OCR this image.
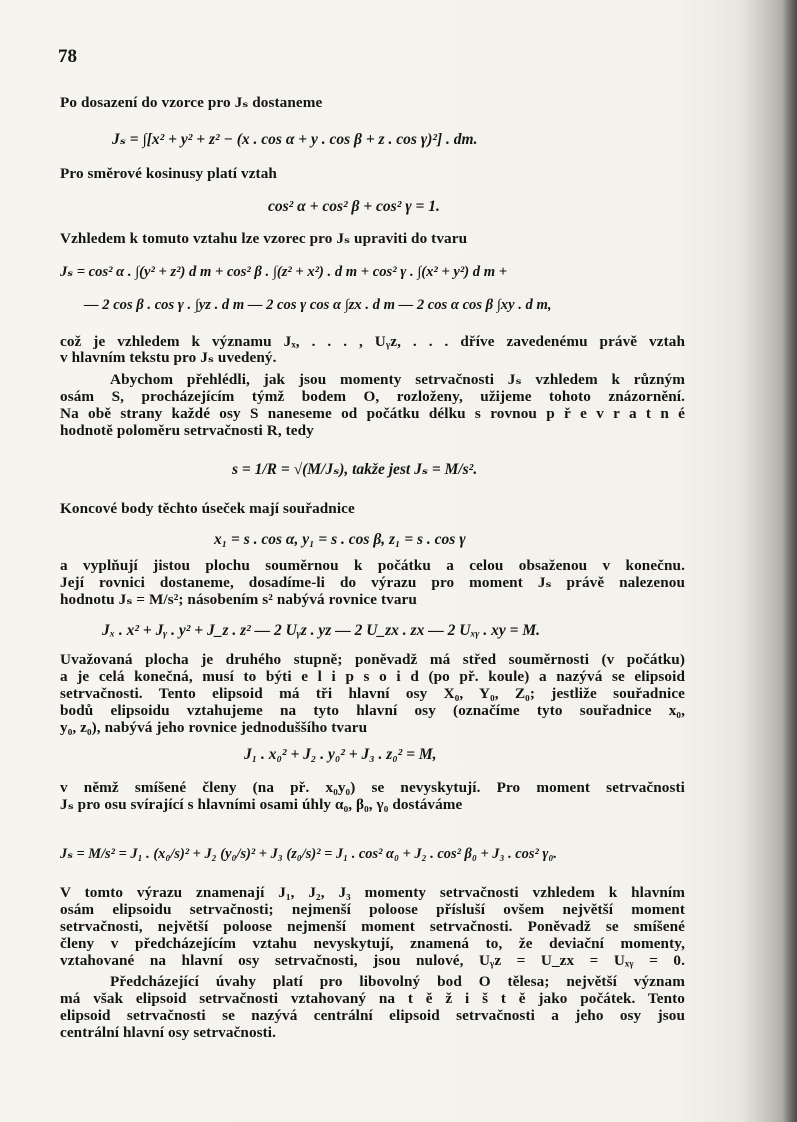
78
Po dosazení do vzorce pro Jₛ dostaneme
Jₛ = ∫[x² + y² + z² − (x . cos α + y . cos β + z . cos γ)²] . dm.
Pro směrové kosinusy platí vztah
cos² α + cos² β + cos² γ = 1.
Vzhledem k tomuto vztahu lze vzorec pro Jₛ upraviti do tvaru
Jₛ = cos² α . ∫(y² + z²) d m + cos² β . ∫(z² + x²) . d m + cos² γ . ∫(x² + y²) d m +
— 2 cos β . cos γ . ∫yz . d m — 2 cos γ cos α ∫zx . d m — 2 cos α cos β ∫xy . d m,
což je vzhledem k významu Jₓ, . . . , Uᵧz, . . . dříve zavedenému právě vztah
v hlavním tekstu pro Jₛ uvedený.
Abychom přehlédli, jak jsou momenty setrvačnosti Jₛ vzhledem k různým
osám S, procházejícím týmž bodem O, rozloženy, užijeme tohoto znázornění.
Na obě strany každé osy S naneseme od počátku délku s rovnou p ř e v r a t n é
hodnotě poloměru setrvačnosti R, tedy
s = 1/R = √(M/Jₛ), takže jest Jₛ = M/s².
Koncové body těchto úseček mají souřadnice
x₁ = s . cos α, y₁ = s . cos β, z₁ = s . cos γ
a vyplňují jistou plochu souměrnou k počátku a celou obsaženou v konečnu.
Její rovnici dostaneme, dosadíme-li do výrazu pro moment Jₛ právě nalezenou
hodnotu Jₛ = M/s²; násobením s² nabývá rovnice tvaru
Jₓ . x² + Jᵧ . y² + J_z . z² — 2 Uᵧz . yz — 2 U_zx . zx — 2 Uₓᵧ . xy = M.
Uvažovaná plocha je druhého stupně; poněvadž má střed souměrnosti (v počátku)
a je celá konečná, musí to býti e l i p s o i d (po př. koule) a nazývá se elipsoid
setrvačnosti. Tento elipsoid má tři hlavní osy X₀, Y₀, Z₀; jestliže souřadnice
bodů elipsoidu vztahujeme na tyto hlavní osy (označíme tyto souřadnice x₀,
y₀, z₀), nabývá jeho rovnice jednoduššího tvaru
J₁ . x₀² + J₂ . y₀² + J₃ . z₀² = M,
v němž smíšené členy (na př. x₀y₀) se nevyskytují. Pro moment setrvačnosti
Jₛ pro osu svírající s hlavními osami úhly α₀, β₀, γ₀ dostáváme
Jₛ = M/s² = J₁ . (x₀/s)² + J₂ (y₀/s)² + J₃ (z₀/s)² = J₁ . cos² α₀ + J₂ . cos² β₀ + J₃ . cos² γ₀.
V tomto výrazu znamenají J₁, J₂, J₃ momenty setrvačnosti vzhledem k hlavním
osám elipsoidu setrvačnosti; nejmenší poloose přísluší ovšem největší moment
setrvačnosti, největší poloose nejmenší moment setrvačnosti. Poněvadž se smíšené
členy v předcházejícím vztahu nevyskytují, znamená to, že deviační momenty,
vztahované na hlavní osy setrvačnosti, jsou nulové, Uᵧz = U_zx = Uₓᵧ = 0.
Předcházející úvahy platí pro libovolný bod O tělesa; největší význam
má však elipsoid setrvačnosti vztahovaný na t ě ž i š t ě jako počátek. Tento
elipsoid setrvačnosti se nazývá centrální elipsoid setrvačnosti a jeho osy jsou
centrální hlavní osy setrvačnosti.
